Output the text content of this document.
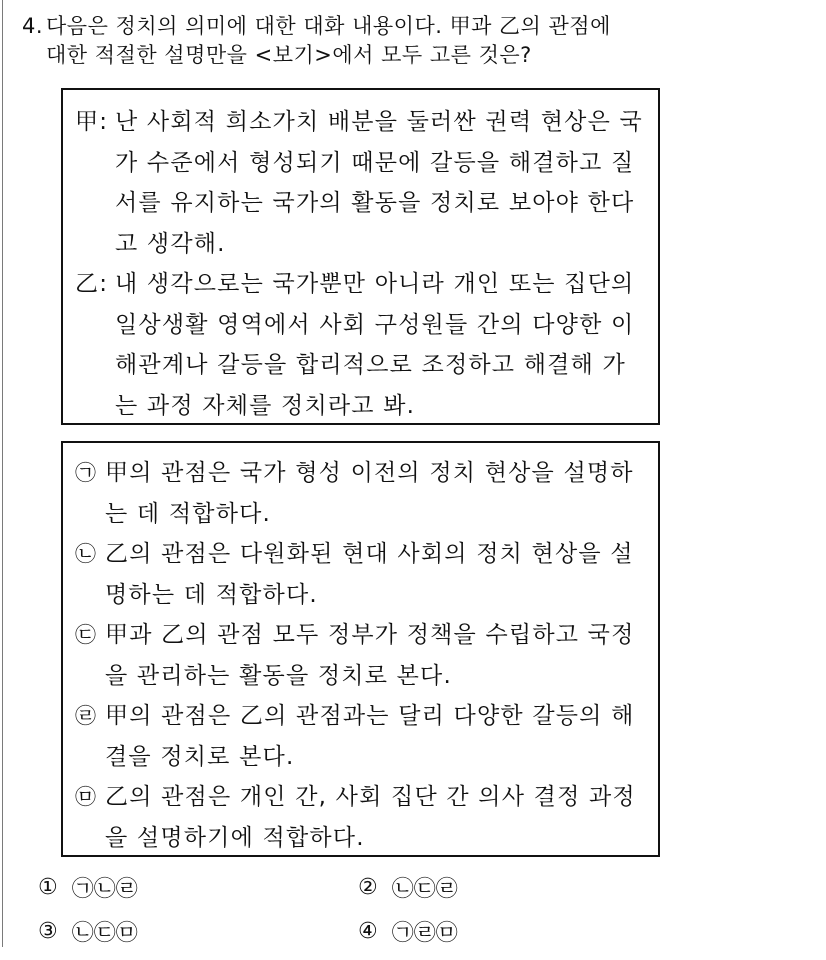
4. 다음은 정치의 의미에 대한 대화 내용이다. 甲과 乙의 관점에
대한 적절한 설명만을 <보기>에서 모두 고른 것은?
甲: 난 사회적 희소가치 배분을 둘러싼 권력 현상은 국가 수준에서 형성되기 때문에 갈등을 해결하고 질서를 유지하는 국가의 활동을 정치로 보아야 한다고 생각해.
乙: 내 생각으로는 국가뿐만 아니라 개인 또는 집단의 일상생활 영역에서 사회 구성원들 간의 다양한 이해관계나 갈등을 합리적으로 조정하고 해결해 가는 과정 자체를 정치라고 봐.
㉠ 甲의 관점은 국가 형성 이전의 정치 현상을 설명하는 데 적합하다.
㉡ 乙의 관점은 다원화된 현대 사회의 정치 현상을 설명하는 데 적합하다.
㉢ 甲과 乙의 관점 모두 정부가 정책을 수립하고 국정을 관리하는 활동을 정치로 본다.
㉣ 甲의 관점은 乙의 관점과는 달리 다양한 갈등의 해결을 정치로 본다.
㉤ 乙의 관점은 개인 간, 사회 집단 간 의사 결정 과정을 설명하기에 적합하다.
① ㉠㉡㉣	② ㉡㉢㉣
③ ㉡㉢㉤	④ ㉠㉣㉤
